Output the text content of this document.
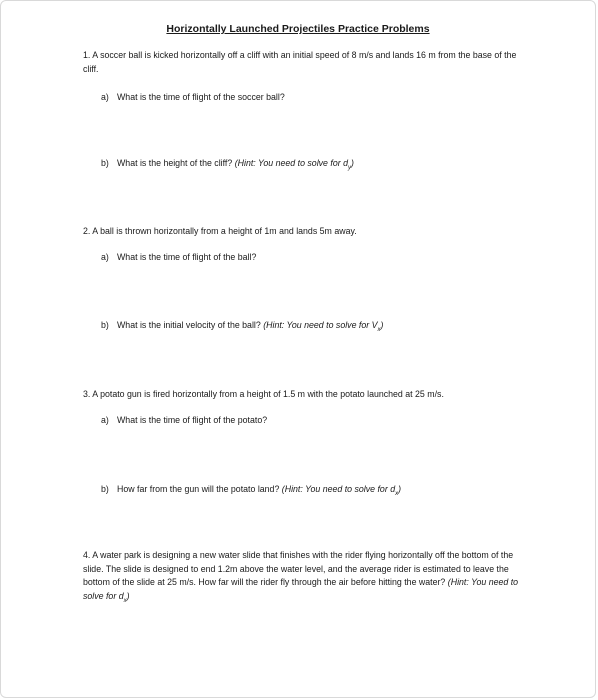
Horizontally Launched Projectiles Practice Problems
1. A soccer ball is kicked horizontally off a cliff with an initial speed of 8 m/s and lands 16 m from the base of the cliff.
a) What is the time of flight of the soccer ball?
b) What is the height of the cliff? (Hint: You need to solve for $d_y$)
2. A ball is thrown horizontally from a height of 1m and lands 5m away.
a) What is the time of flight of the ball?
b) What is the initial velocity of the ball? (Hint: You need to solve for $V_x$)
3. A potato gun is fired horizontally from a height of 1.5 m with the potato launched at 25 m/s.
a) What is the time of flight of the potato?
b) How far from the gun will the potato land? (Hint: You need to solve for $d_x$)
4. A water park is designing a new water slide that finishes with the rider flying horizontally off the bottom of the slide. The slide is designed to end 1.2m above the water level, and the average rider is estimated to leave the bottom of the slide at 25 m/s. How far will the rider fly through the air before hitting the water? (Hint: You need to solve for $d_x$)
